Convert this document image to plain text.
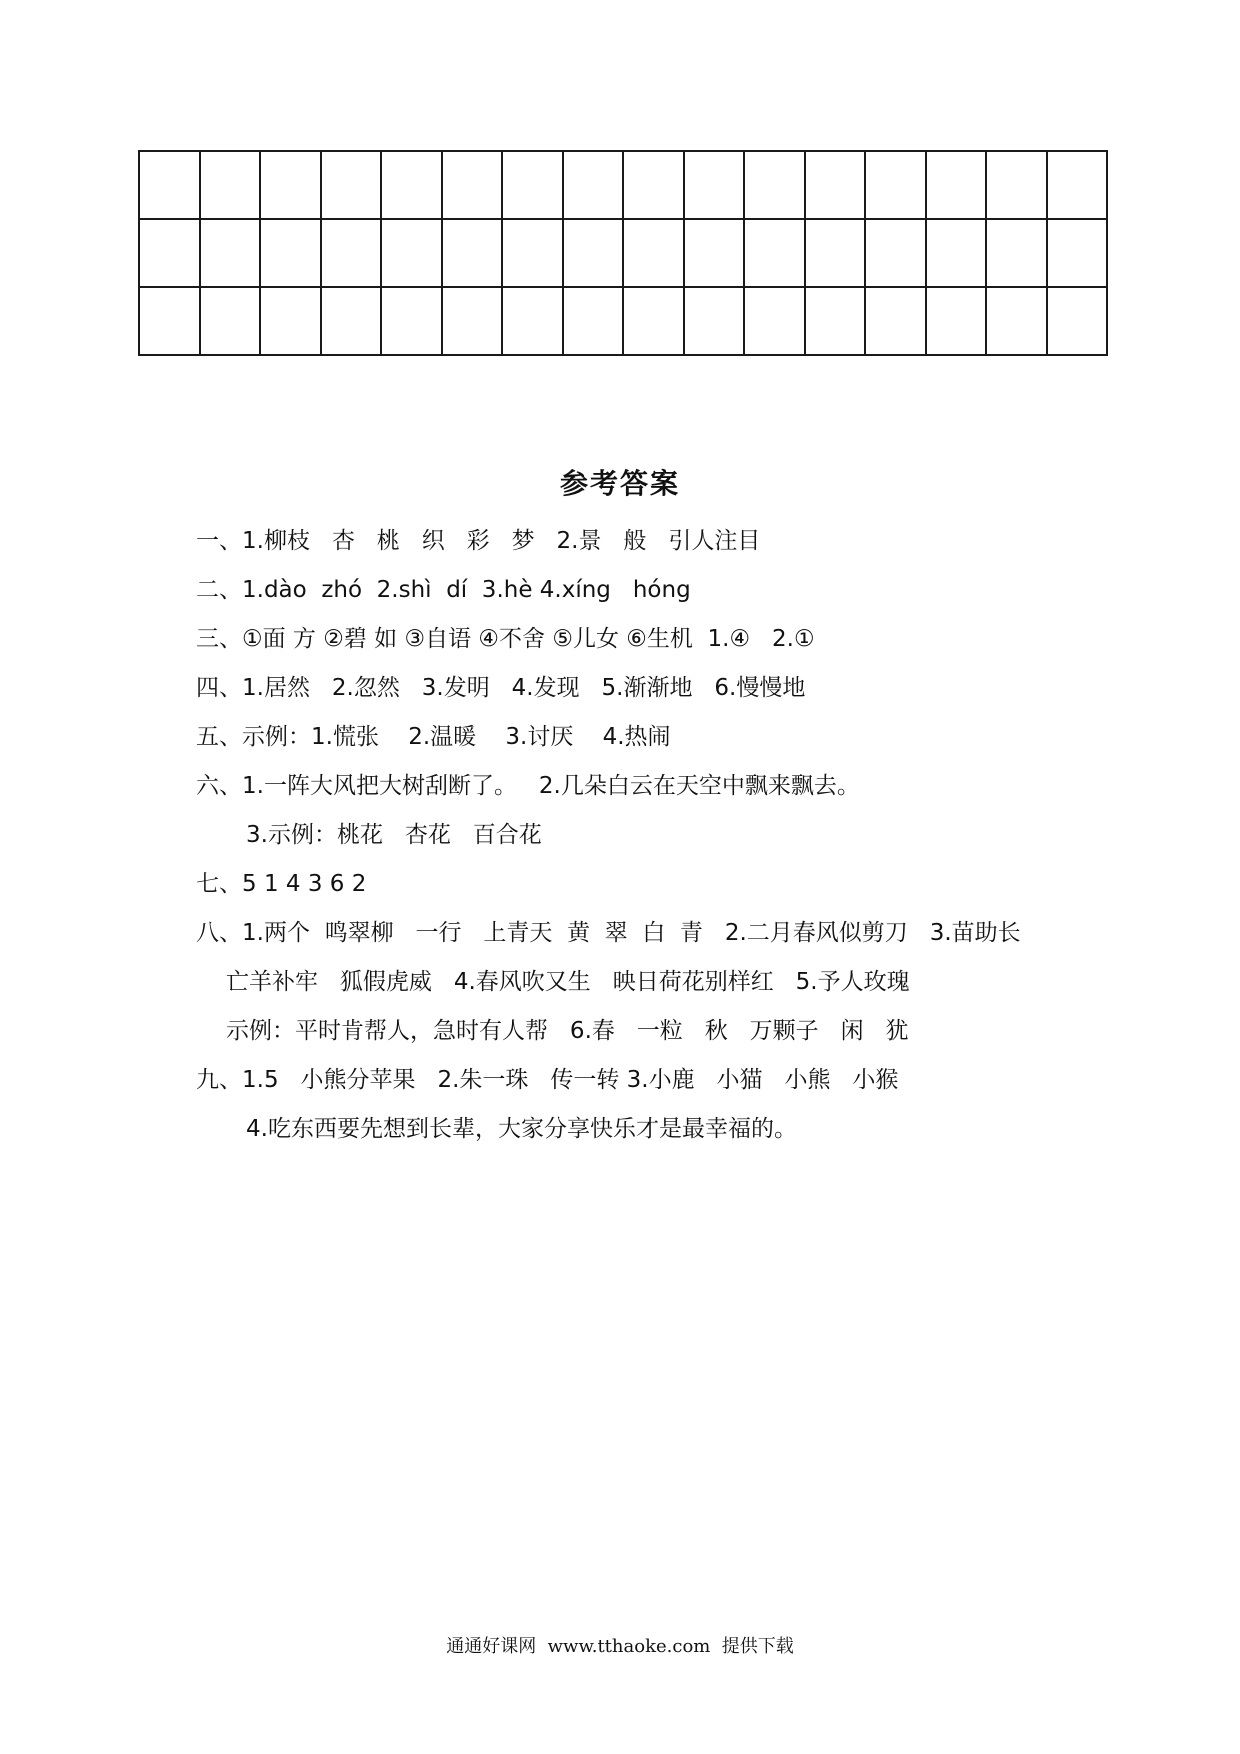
参考答案
一、1.柳枝   杏   桃   织   彩   梦   2.景   般   引人注目
二、1.dào  zhó  2.shì  dí  3.hè 4.xíng   hóng
三、①面 方 ②碧 如 ③自语 ④不舍 ⑤儿女 ⑥生机  1.④   2.①
四、1.居然   2.忽然   3.发明   4.发现   5.渐渐地   6.慢慢地
五、示例：1.慌张    2.温暖    3.讨厌    4.热闹
六、1.一阵大风把大树刮断了。   2.几朵白云在天空中飘来飘去。
3.示例：桃花   杏花   百合花
七、5 1 4 3 6 2
八、1.两个  鸣翠柳   一行   上青天  黄  翠  白  青   2.二月春风似剪刀   3.苗助长
亡羊补牢   狐假虎威   4.春风吹又生   映日荷花别样红   5.予人玫瑰
示例：平时肯帮人，急时有人帮   6.春   一粒   秋   万颗子   闲   犹
九、1.5   小熊分苹果   2.朱一珠   传一转 3.小鹿   小猫   小熊   小猴
4.吃东西要先想到长辈，大家分享快乐才是最幸福的。
通通好课网  www.tthaoke.com  提供下载
